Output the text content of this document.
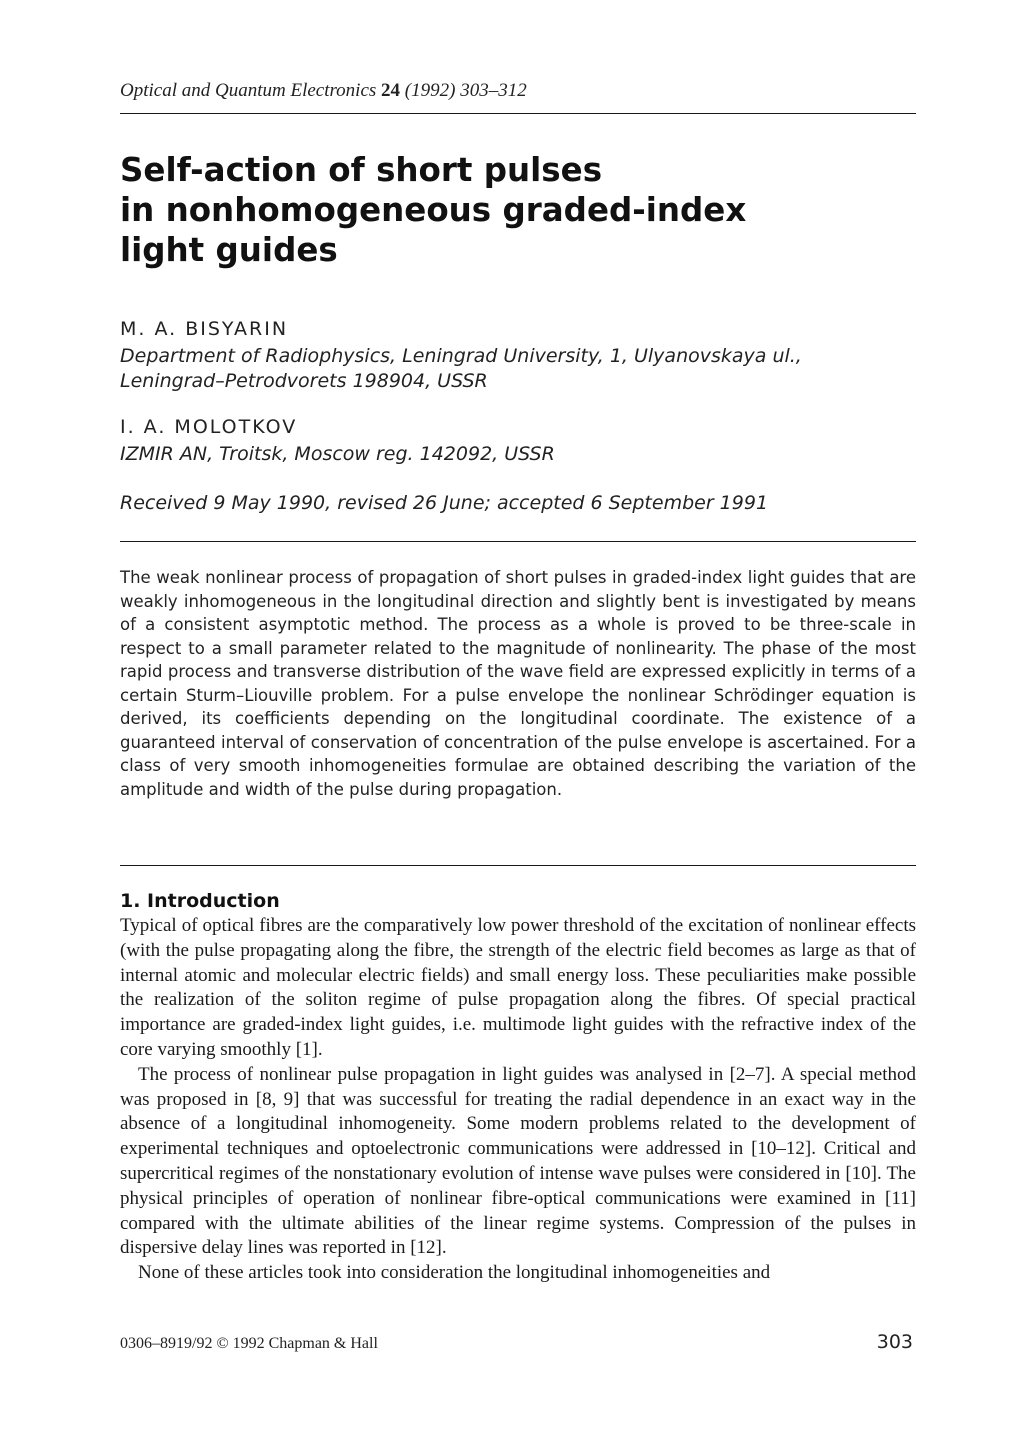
Optical and Quantum Electronics 24 (1992) 303–312
Self-action of short pulses
in nonhomogeneous graded-index
light guides
M. A. BISYARIN
Department of Radiophysics, Leningrad University, 1, Ulyanovskaya ul.,
Leningrad–Petrodvorets 198904, USSR
I. A. MOLOTKOV
IZMIR AN, Troitsk, Moscow reg. 142092, USSR
Received 9 May 1990, revised 26 June; accepted 6 September 1991

The weak nonlinear process of propagation of short pulses in graded-index light guides that are weakly inhomogeneous in the longitudinal direction and slightly bent is investigated by means of a consistent asymptotic method. The process as a whole is proved to be three-scale in respect to a small parameter related to the magnitude of nonlinearity. The phase of the most rapid process and transverse distribution of the wave field are expressed explicitly in terms of a certain Sturm–Liouville problem. For a pulse envelope the nonlinear Schrödinger equation is derived, its coefficients depending on the longitudinal coordinate. The existence of a guaranteed interval of conservation of concentration of the pulse envelope is ascertained. For a class of very smooth inhomogeneities formulae are obtained describing the variation of the amplitude and width of the pulse during propagation.

1. Introduction

Typical of optical fibres are the comparatively low power threshold of the excitation of nonlinear effects (with the pulse propagating along the fibre, the strength of the electric field becomes as large as that of internal atomic and molecular electric fields) and small energy loss. These peculiarities make possible the realization of the soliton regime of pulse propagation along the fibres. Of special practical importance are graded-index light guides, i.e. multimode light guides with the refractive index of the core varying smoothly [1].

The process of nonlinear pulse propagation in light guides was analysed in [2–7]. A special method was proposed in [8, 9] that was successful for treating the radial dependence in an exact way in the absence of a longitudinal inhomogeneity. Some modern problems related to the development of experimental techniques and optoelectronic communications were addressed in [10–12]. Critical and supercritical regimes of the nonstationary evolution of intense wave pulses were considered in [10]. The physical principles of operation of nonlinear fibre-optical communications were examined in [11] compared with the ultimate abilities of the linear regime systems. Compression of the pulses in dispersive delay lines was reported in [12].

None of these articles took into consideration the longitudinal inhomogeneities and

0306–8919/92 © 1992 Chapman & Hall	303
